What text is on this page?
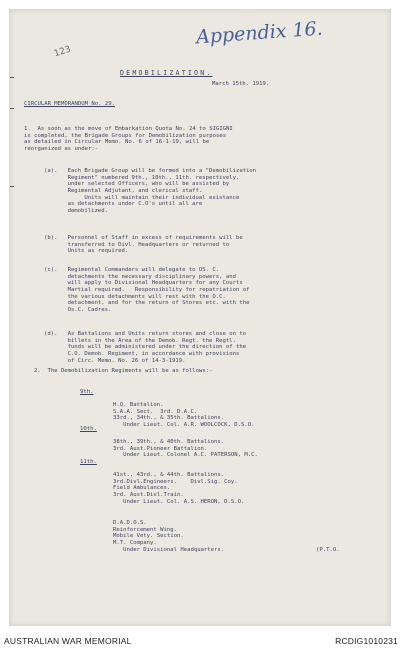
Appendix 16.
123
DEMOBILIZATION.
March 15th. 1919.
CIRCULAR MEMORANDUM No. 29.

1.  As soon as the move of Embarkation Quota No. 24 to SIGIGNI
is completed, the Brigade Groups for Demobilization purposes
as detailed in Circular Memo. No. 6 of 16-1-19, will be
reorganized as under:-

(a).   Each Brigade Group will be formed into a "Demobilization
Regiment" numbered 9th., 10th., 11th. respectively,
under selected Officers, who will be assisted by
Regimental Adjutant, and clerical staff.
Units will maintain their individual existance
as detachments under C.O's until all are
demobilized.

(b).   Personnel of Staff in excess of requirements will be
transferred to Divl. Headquarters or returned to
Units as required.

(c).   Regimental Commanders will delegate to OS. C.
detachments the necessary disciplinary powers, and
will apply to Divisional Headquarters for any Courts
Martial required.   Responsibility for repatriation of
the various detachments will rest with the O.C.
detachment, and for the return of Stores etc. with the
Os.C. Cadres.

(d).   As Battalions and Units return stores and close on to
billets in the Area of the Demob. Regt. the Regtl.
funds will be administered under the direction of the
C.O. Demob. Regiment, in accordance with provisions
of Circ. Memo. No. 26 of 14-3-1919.

2.  The Demobilization Regiments will be as follows:-
9th.

H.Q. Battalion.
S.A.A. Sect.  3rd. D.A.C.
33rd., 34th., & 35th. Battalions.
Under Lieut. Col. A.R. WOOLCOCK, D.S.O.

10th.

38th., 39th., & 40th. Battalions.
3rd. Aust.Pioneer Battalion.
Under Lieut. Colonel A.C. PATERSON, M.C.

11th.

41st., 43rd., & 44th. Battalions.
3rd.Divl.Engineers.    Divl.Sig. Coy.
Field Ambulances.
3rd. Aust.Divl.Train.
Under Lieut. Col. A.S. HERON, D.S.O.

D.A.D.O.S.
Reinforcement Wing.
Mobile Vety. Section.
M.T. Company.
Under Divisional Headquarters.	(P.T.O.
AUSTRALIAN WAR MEMORIAL	RCDIG1010231
